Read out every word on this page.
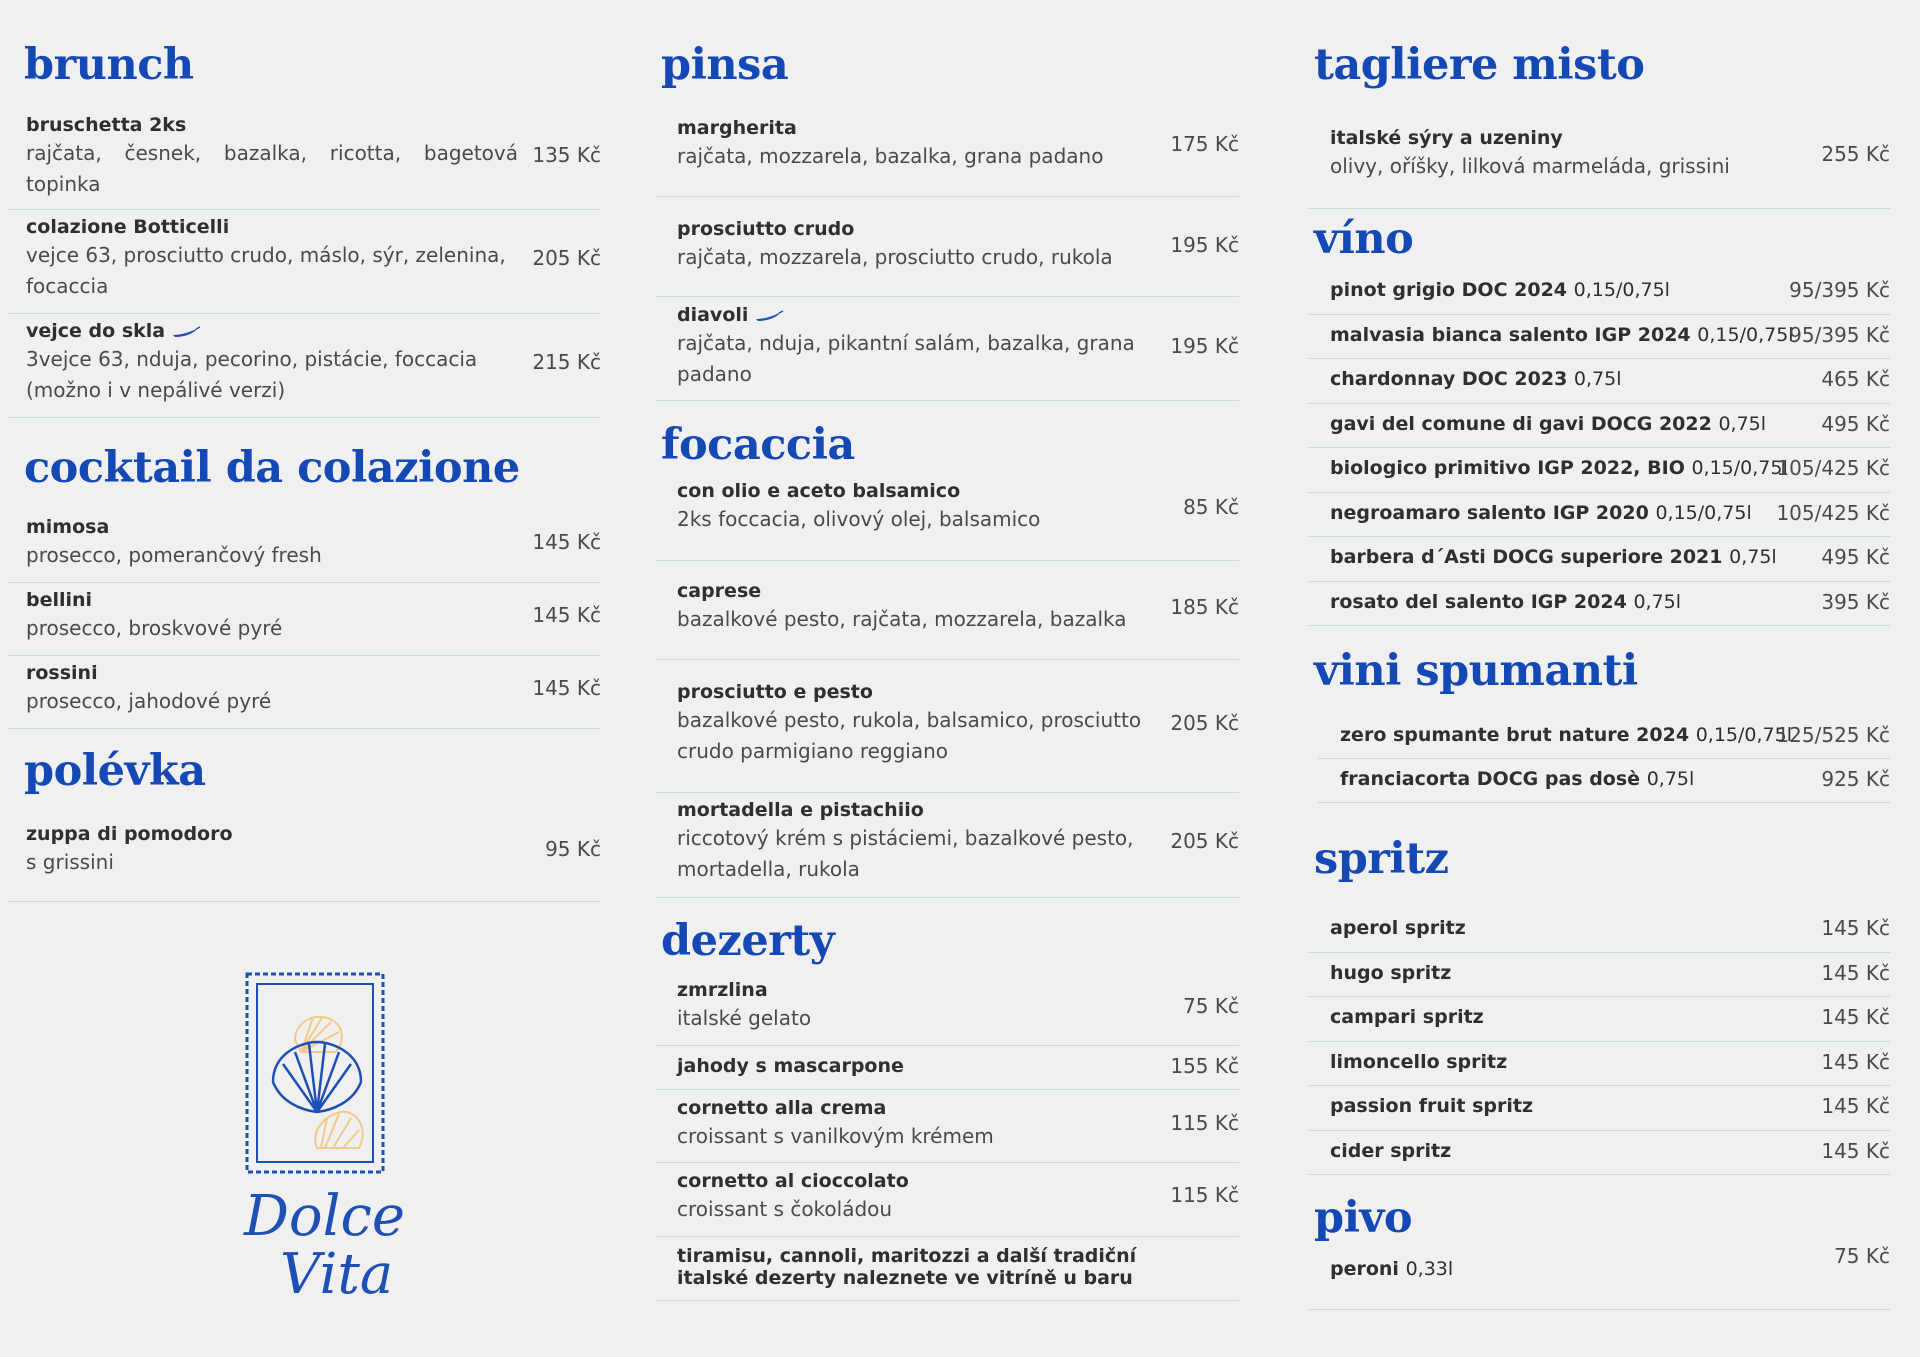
brunch
bruschetta 2ks
rajčata, česnek, bazalka, ricotta, bagetová topinka
135 Kč
colazione Botticelli
vejce 63, prosciutto crudo, máslo, sýr, zelenina, focaccia
205 Kč
vejce do skla
3vejce 63, nduja, pecorino, pistácie, foccacia (možno i v nepálivé verzi)
215 Kč
cocktail da colazione
mimosa
prosecco, pomerančový fresh
145 Kč
bellini
prosecco, broskvové pyré
145 Kč
rossini
prosecco, jahodové pyré
145 Kč
polévka
zuppa di pomodoro
s grissini
95 Kč
Dolce
Vita
pinsa
margherita
rajčata, mozzarela, bazalka, grana padano	175 Kč
prosciutto crudo
rajčata, mozzarela, prosciutto crudo, rukola	195 Kč
diavoli
rajčata, nduja, pikantní salám, bazalka, grana padano
195 Kč
focaccia
con olio e aceto balsamico
2ks foccacia, olivový olej, balsamico	85 Kč
caprese
bazalkové pesto, rajčata, mozzarela, bazalka 185 Kč
prosciutto e pesto
bazalkové pesto, rukola, balsamico, prosciutto crudo parmigiano reggiano
205 Kč
mortadella e pistachiio
riccotový krém s pistáciemi, bazalkové pesto, mortadella, rukola
205 Kč
dezerty
zmrzlina
italské gelato	75 Kč
jahody s mascarpone	155 Kč
cornetto alla crema
croissant s vanilkovým krémem
115 Kč
cornetto al cioccolato
croissant s čokoládou
115 Kč
tiramisu, cannoli, maritozzi a další tradiční
italské dezerty naleznete ve vitríně u baru
tagliere misto
italské sýry a uzeniny
olivy, oříšky, lilková marmeláda, grissini	255 Kč
víno
pinot grigio DOC 2024 0,15/0,75l	95/395 Kč
malvasia bianca salento IGP 2024 0,15/0,75l
95/395 Kč
chardonnay DOC 2023 0,75l	465 Kč
gavi del comune di gavi DOCG 2022 0,75l	495 Kč
biologico primitivo IGP 2022, BIO 0,15/0,75l
105/425 Kč
negroamaro salento IGP 2020 0,15/0,75l 105/425 Kč
barbera d´Asti DOCG superiore 2021 0,75l 495 Kč
rosato del salento IGP 2024 0,75l	395 Kč
vini spumanti
zero spumante brut nature 2024 0,15/0,75l
125/525 Kč
franciacorta DOCG pas dosè 0,75l	925 Kč
spritz
aperol spritz	145 Kč
hugo spritz	145 Kč
campari spritz	145 Kč
limoncello spritz	145 Kč
passion fruit spritz	145 Kč
cider spritz	145 Kč
pivo
peroni 0,33l
75 Kč
